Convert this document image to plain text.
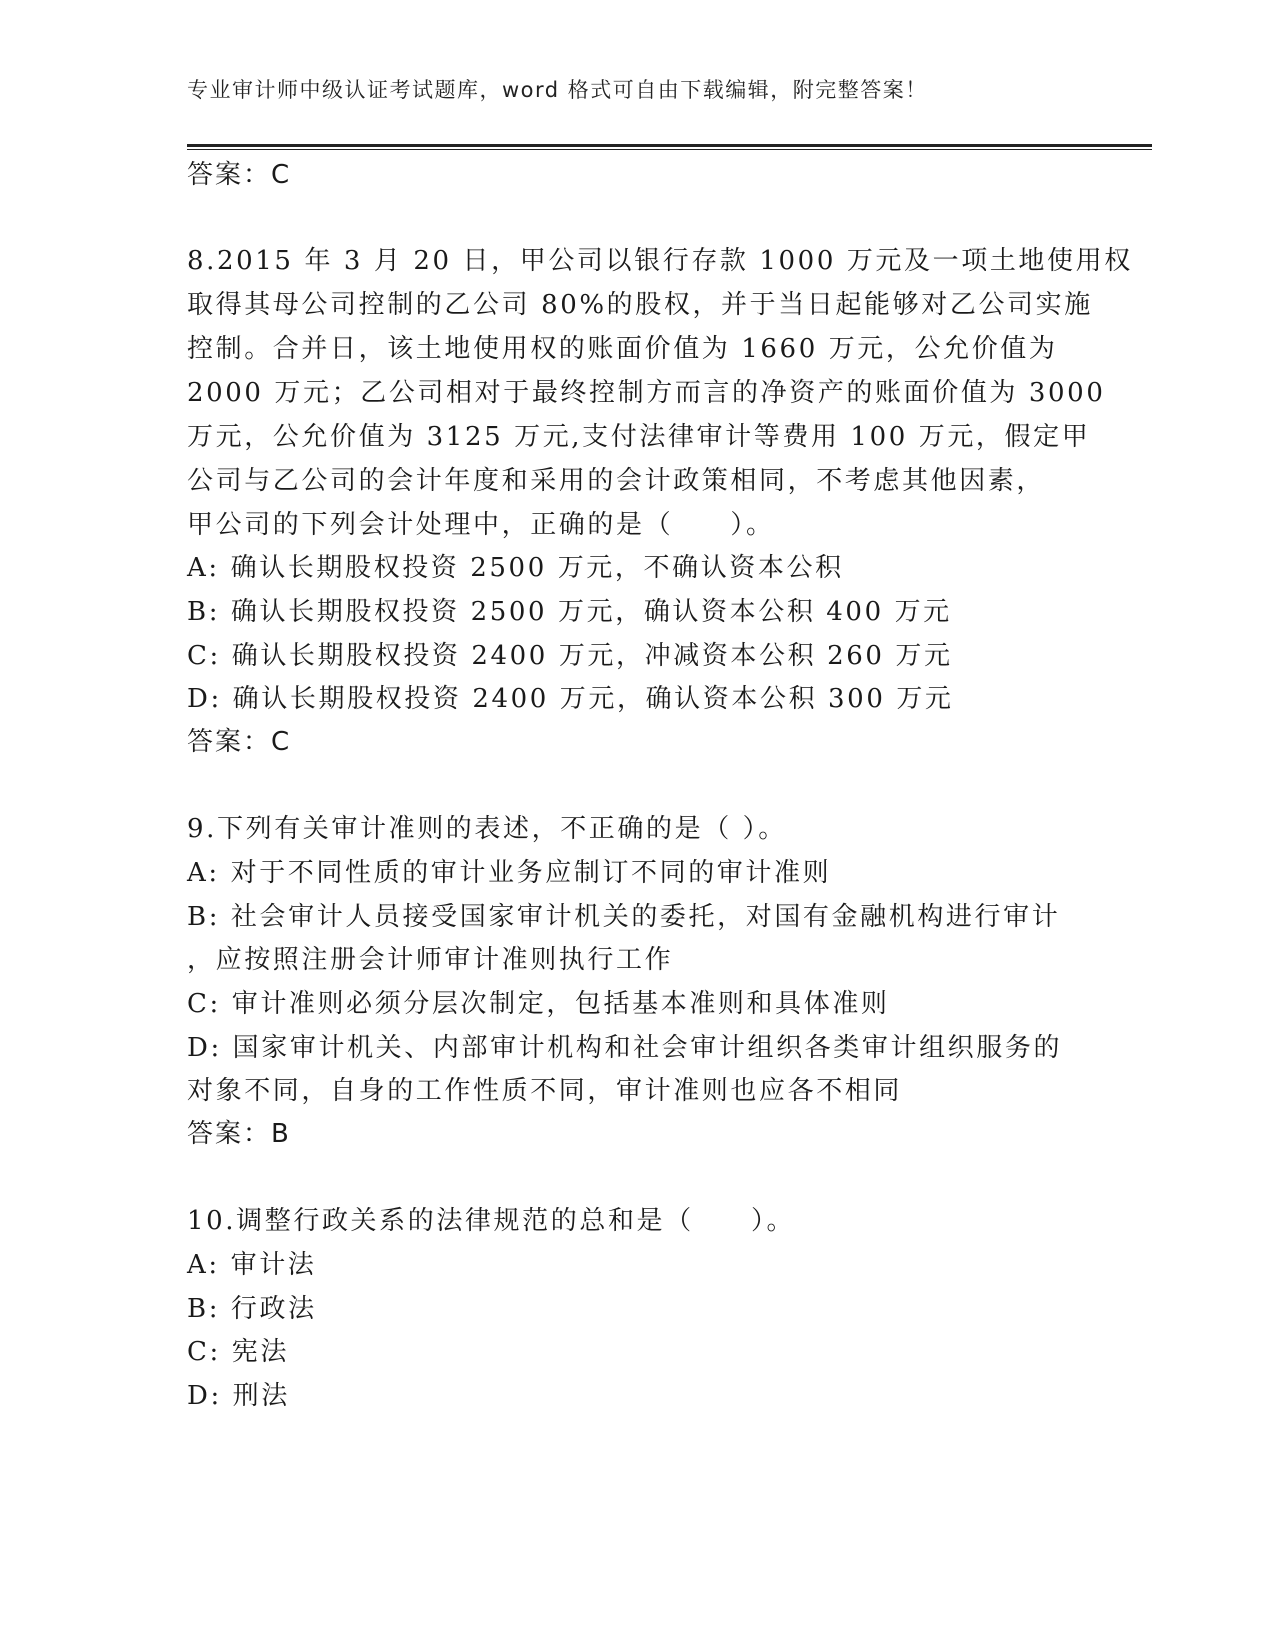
专业审计师中级认证考试题库，word 格式可自由下载编辑，附完整答案！
答案：C
8.2015 年 3 月 20 日，甲公司以银行存款 1000 万元及一项土地使用权
取得其母公司控制的乙公司 80%的股权，并于当日起能够对乙公司实施
控制。合并日，该土地使用权的账面价值为 1660 万元，公允价值为
2000 万元；乙公司相对于最终控制方而言的净资产的账面价值为 3000
万元，公允价值为 3125 万元,支付法律审计等费用 100 万元，假定甲
公司与乙公司的会计年度和采用的会计政策相同，不考虑其他因素，
甲公司的下列会计处理中，正确的是（　　）。
A: 确认长期股权投资 2500 万元，不确认资本公积
B: 确认长期股权投资 2500 万元，确认资本公积 400 万元
C: 确认长期股权投资 2400 万元，冲减资本公积 260 万元
D: 确认长期股权投资 2400 万元，确认资本公积 300 万元
答案：C
9.下列有关审计准则的表述，不正确的是（ ）。
A: 对于不同性质的审计业务应制订不同的审计准则
B: 社会审计人员接受国家审计机关的委托，对国有金融机构进行审计
，应按照注册会计师审计准则执行工作
C: 审计准则必须分层次制定，包括基本准则和具体准则
D: 国家审计机关、内部审计机构和社会审计组织各类审计组织服务的
对象不同，自身的工作性质不同，审计准则也应各不相同
答案：B
10.调整行政关系的法律规范的总和是（　　）。
A: 审计法
B: 行政法
C: 宪法
D: 刑法
